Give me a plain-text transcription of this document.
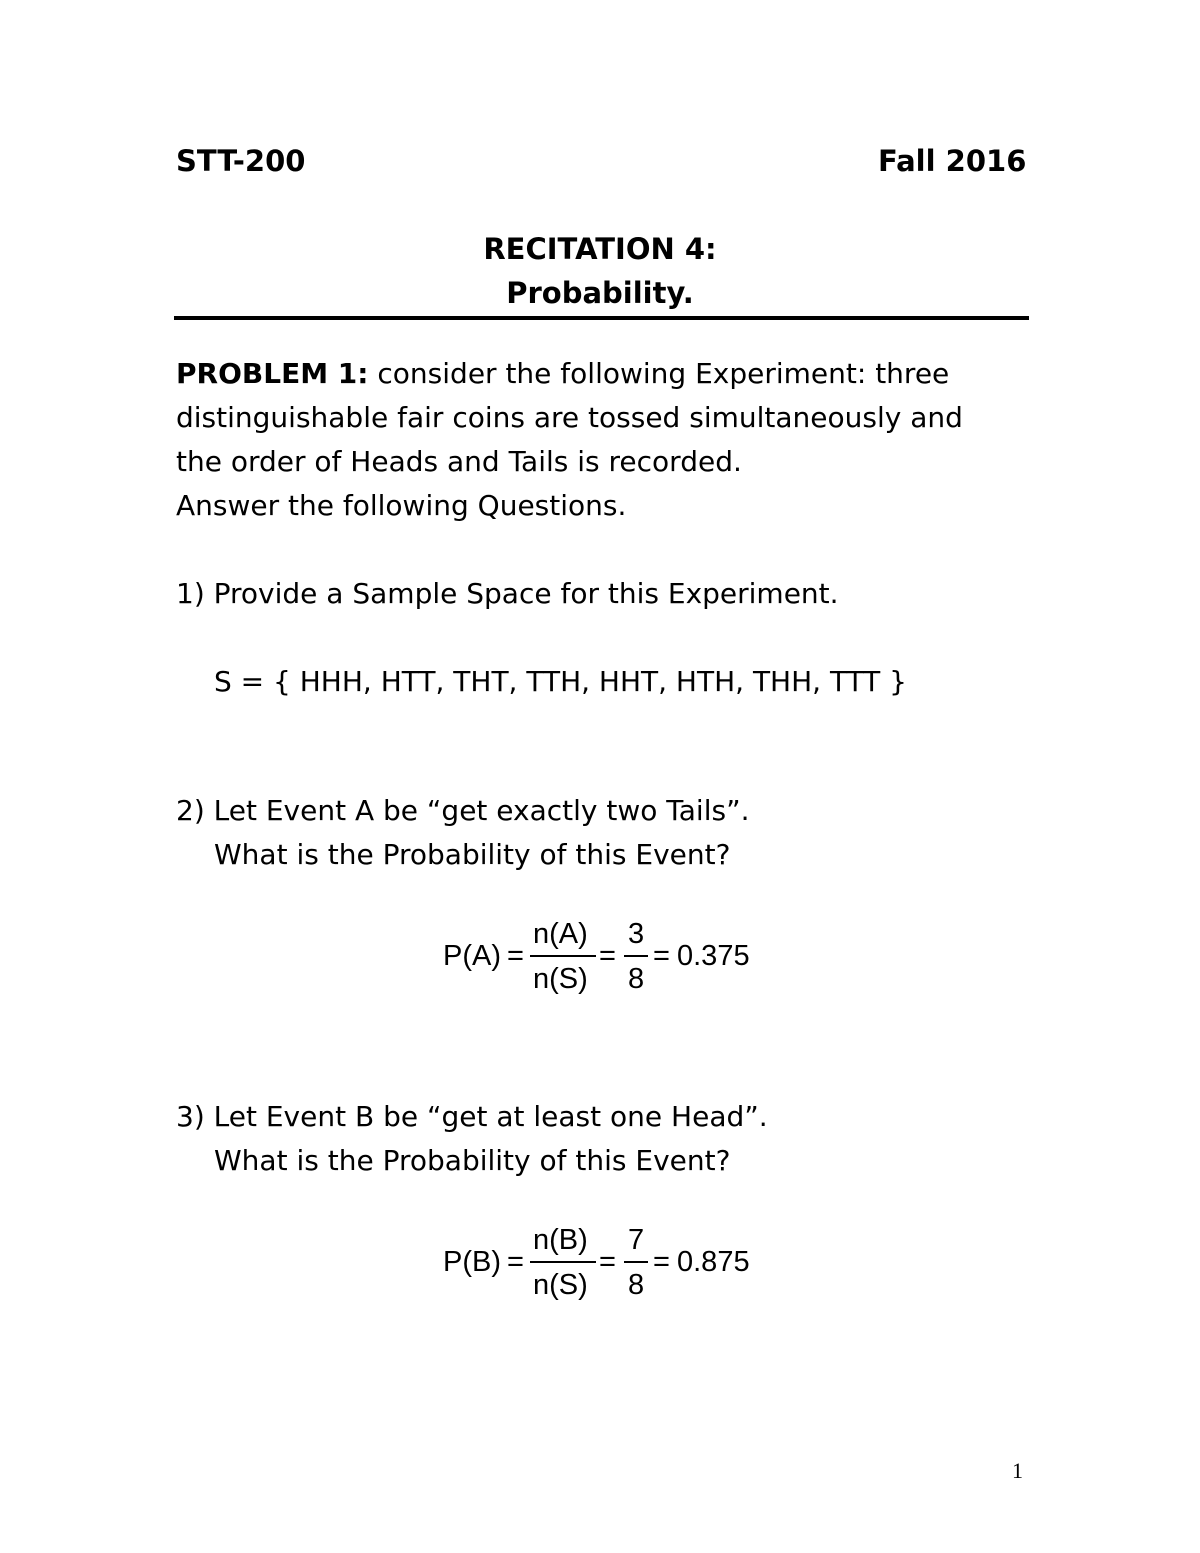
STT-200	Fall 2016
RECITATION 4:
Probability.
PROBLEM 1: consider the following Experiment: three
distinguishable fair coins are tossed simultaneously and
the order of Heads and Tails is recorded.
Answer the following Questions.
1) Provide a Sample Space for this Experiment.
S = { HHH, HTT, THT, TTH, HHT, HTH, THH, TTT }
2) Let Event A be “get exactly two Tails”.
What is the Probability of this Event?
P(A) =
n(A)
n(S)
=
3
8
= 0.375
3) Let Event B be “get at least one Head”.
What is the Probability of this Event?
P(B) =
n(B)
n(S)
=
7
8
= 0.875
1
